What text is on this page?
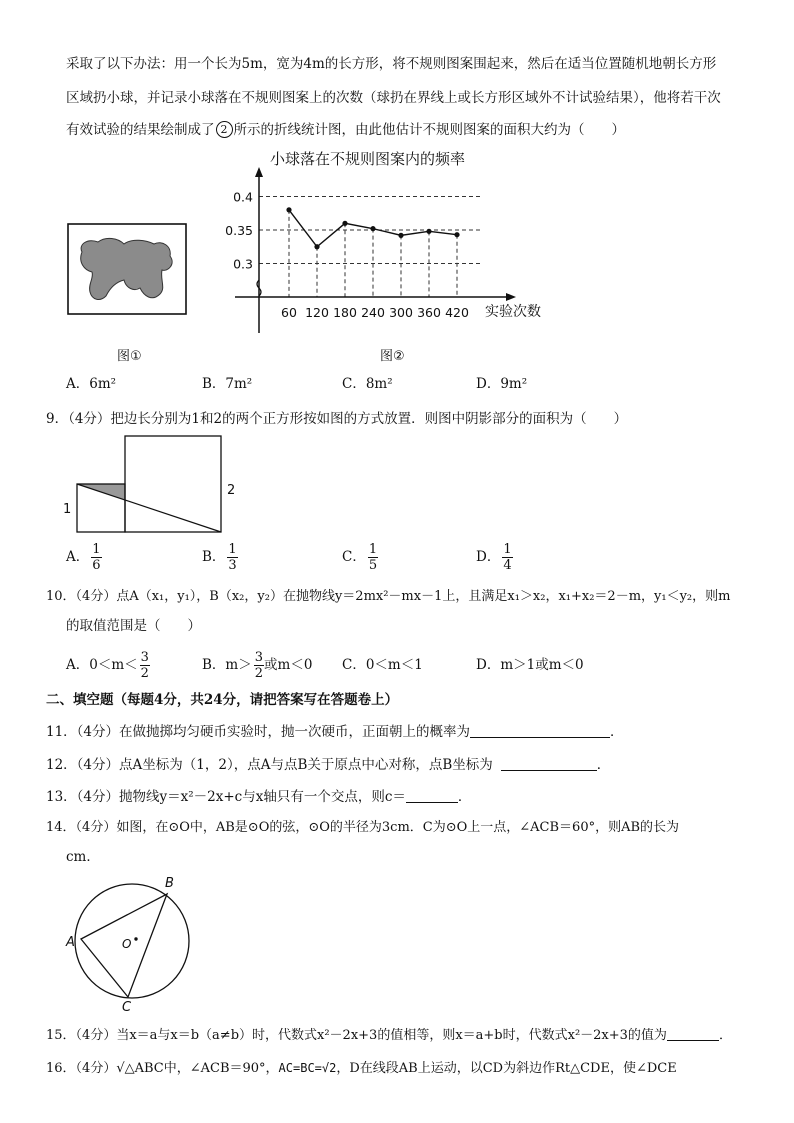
采取了以下办法：用一个长为5m，宽为4m的长方形，将不规则图案围起来，然后在适当位置随机地朝长方形
区域扔小球，并记录小球落在不规则图案上的次数（球扔在界线上或长方形区域外不计试验结果），他将若干次
有效试验的结果绘制成了 2 所示的折线统计图，由此他估计不规则图案的面积大约为（　　）
图①
小球落在不规则图案内的频率
0.3
0.35
0.4
60 120 180 240 300 360 420 实验次数
图②
A．6m²	B．7m²	C．8m²	D．9m²
9．（4分）把边长分别为1和2的两个正方形按如图的方式放置．则图中阴影部分的面积为（　　）
1
2
A． $\frac{1}{6}$	B． $\frac{1}{3}$	C． $\frac{1}{5}$	D． $\frac{1}{4}$
10．（4分）点A（x₁，y₁），B（x₂，y₂）在抛物线y＝2mx²－mx－1上，且满足x₁＞x₂，x₁+x₂＝2－m，y₁＜y₂，则m
的取值范围是（　　）
A．$0<m< \frac{3}{2}$	B．$m> \frac{3}{2}$ 或m＜0 C．0＜m＜1	D．m＞1或m＜0
二、填空题（每题4分，共24分，请把答案写在答题卷上）
11．（4分）在做抛掷均匀硬币实验时，抛一次硬币，正面朝上的概率为	．
12．（4分）点A坐标为（1，2），点A与点B关于原点中心对称，点B坐标为	．
13．（4分）抛物线y＝x²－2x+c与x轴只有一个交点，则c＝	．
14．（4分）如图，在⊙O中，AB是⊙O的弦，⊙O的半径为3cm．C为⊙O上一点，∠ACB＝60°，则AB的长为
cm．
A
B
C
O
15．（4分）当x＝a与x＝b（a≠b）时，代数式x²－2x+3的值相等，则x＝a+b时，代数式x²－2x+3的值为	．
16．（4分）√△ABC中，∠ACB＝90°，AC=BC=√2，D在线段AB上运动，以CD为斜边作Rt△CDE，使∠DCE
